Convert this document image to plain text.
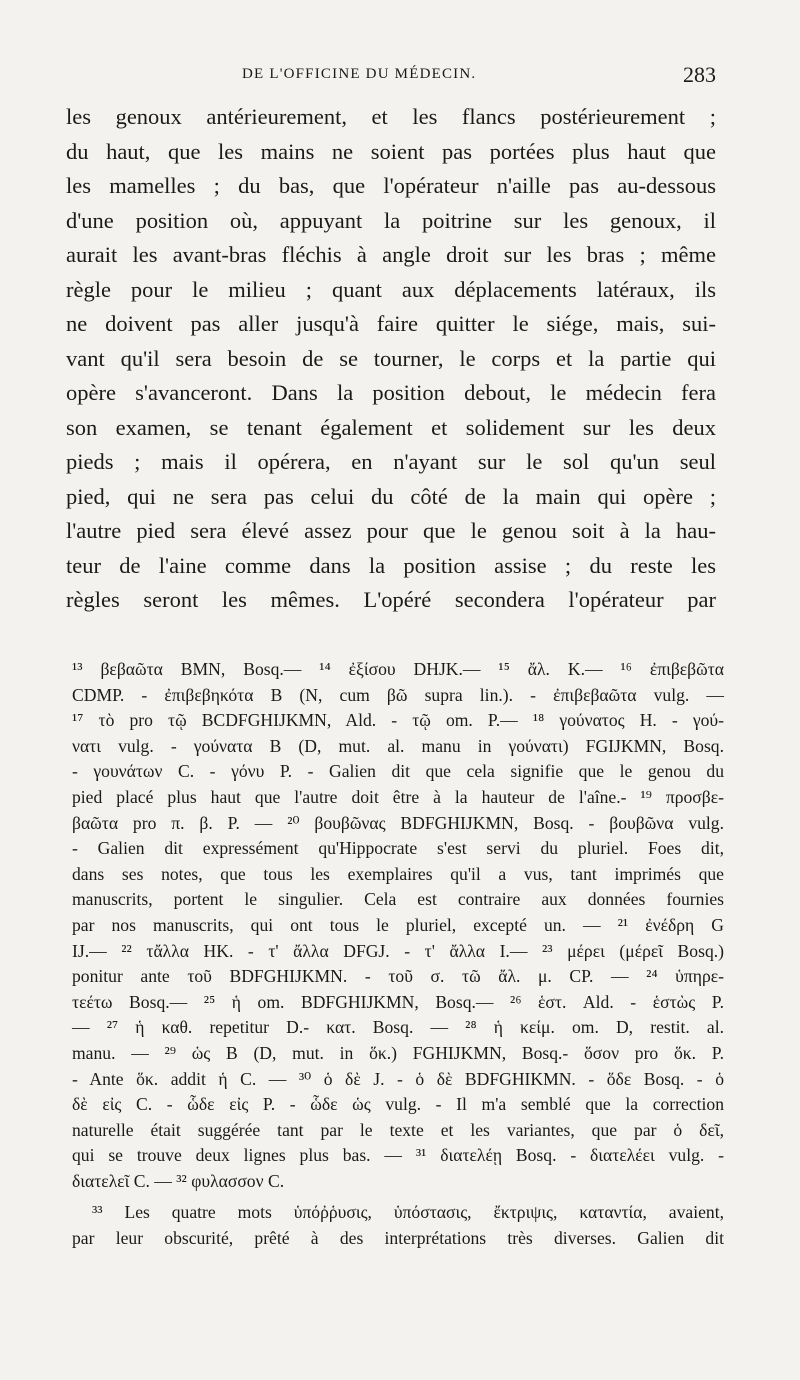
DE L'OFFICINE DU MÉDECIN.	283
les genoux antérieurement, et les flancs postérieurement ;
du haut, que les mains ne soient pas portées plus haut que
les mamelles ; du bas, que l'opérateur n'aille pas au-dessous
d'une position où, appuyant la poitrine sur les genoux, il
aurait les avant-bras fléchis à angle droit sur les bras ; même
règle pour le milieu ; quant aux déplacements latéraux, ils
ne doivent pas aller jusqu'à faire quitter le siége, mais, sui-
vant qu'il sera besoin de se tourner, le corps et la partie qui
opère s'avanceront. Dans la position debout, le médecin fera
son examen, se tenant également et solidement sur les deux
pieds ; mais il opérera, en n'ayant sur le sol qu'un seul
pied, qui ne sera pas celui du côté de la main qui opère ;
l'autre pied sera élevé assez pour que le genou soit à la hau-
teur de l'aine comme dans la position assise ; du reste les
règles seront les mêmes. L'opéré secondera l'opérateur par
¹³ βεβαῶτα BMN, Bosq.— ¹⁴ ἐξίσου DHJK.— ¹⁵ ἄλ. K.— ¹⁶ ἐπιβεβῶτα
CDMP. - ἐπιβεβηκότα B (N, cum βῶ supra lin.). - ἐπιβεβαῶτα vulg. —
¹⁷ τὸ pro τῷ BCDFGHIJKMN, Ald. - τῷ om. P.— ¹⁸ γούνατος H. - γού-
νατι vulg. - γούνατα B (D, mut. al. manu in γούνατι) FGIJKMN, Bosq.
- γουνάτων C. - γόνυ P. - Galien dit que cela signifie que le genou du
pied placé plus haut que l'autre doit être à la hauteur de l'aîne.- ¹⁹ προσβε-
βαῶτα pro π. β. P. — ²⁰ βουβῶνας BDFGHIJKMN, Bosq. - βουβῶνα vulg.
- Galien dit expressément qu'Hippocrate s'est servi du pluriel. Foes dit,
dans ses notes, que tous les exemplaires qu'il a vus, tant imprimés que
manuscrits, portent le singulier. Cela est contraire aux données fournies
par nos manuscrits, qui ont tous le pluriel, excepté un. — ²¹ ἐνέδρη G
IJ.— ²² τἄλλα HK. - τ' ἄλλα DFGJ. - τ' ἄλλα I.— ²³ μέρει (μέρεῖ Bosq.)
ponitur ante τοῦ BDFGHIJKMN. - τοῦ σ. τῶ ἄλ. μ. CP. — ²⁴ ὑπηρε-
τεέτω Bosq.— ²⁵ ἡ om. BDFGHIJKMN, Bosq.— ²⁶ ἑστ. Ald. - ἑστὼς P.
— ²⁷ ἡ καθ. repetitur D.- κατ. Bosq. — ²⁸ ἡ κείμ. om. D, restit. al.
manu. — ²⁹ ὡς B (D, mut. in ὅκ.) FGHIJKMN, Bosq.- ὅσον pro ὅκ. P.
- Ante ὅκ. addit ἡ C. — ³⁰ ὁ δὲ J. - ὁ δὲ BDFGHIKMN. - ὅδε Bosq. - ὁ
δὲ εἰς C. - ὧδε εἰς P. - ὧδε ὡς vulg. - Il m'a semblé que la correction
naturelle était suggérée tant par le texte et les variantes, que par ὁ δεῖ,
qui se trouve deux lignes plus bas. — ³¹ διατελέῃ Bosq. - διατελέει vulg. -
διατελεῖ C. — ³² φυλασσον C.
³³ Les quatre mots ὑπόῤῥυσις, ὑπόστασις, ἔκτριψις, καταντία, avaient,
par leur obscurité, prêté à des interprétations très diverses. Galien dit
